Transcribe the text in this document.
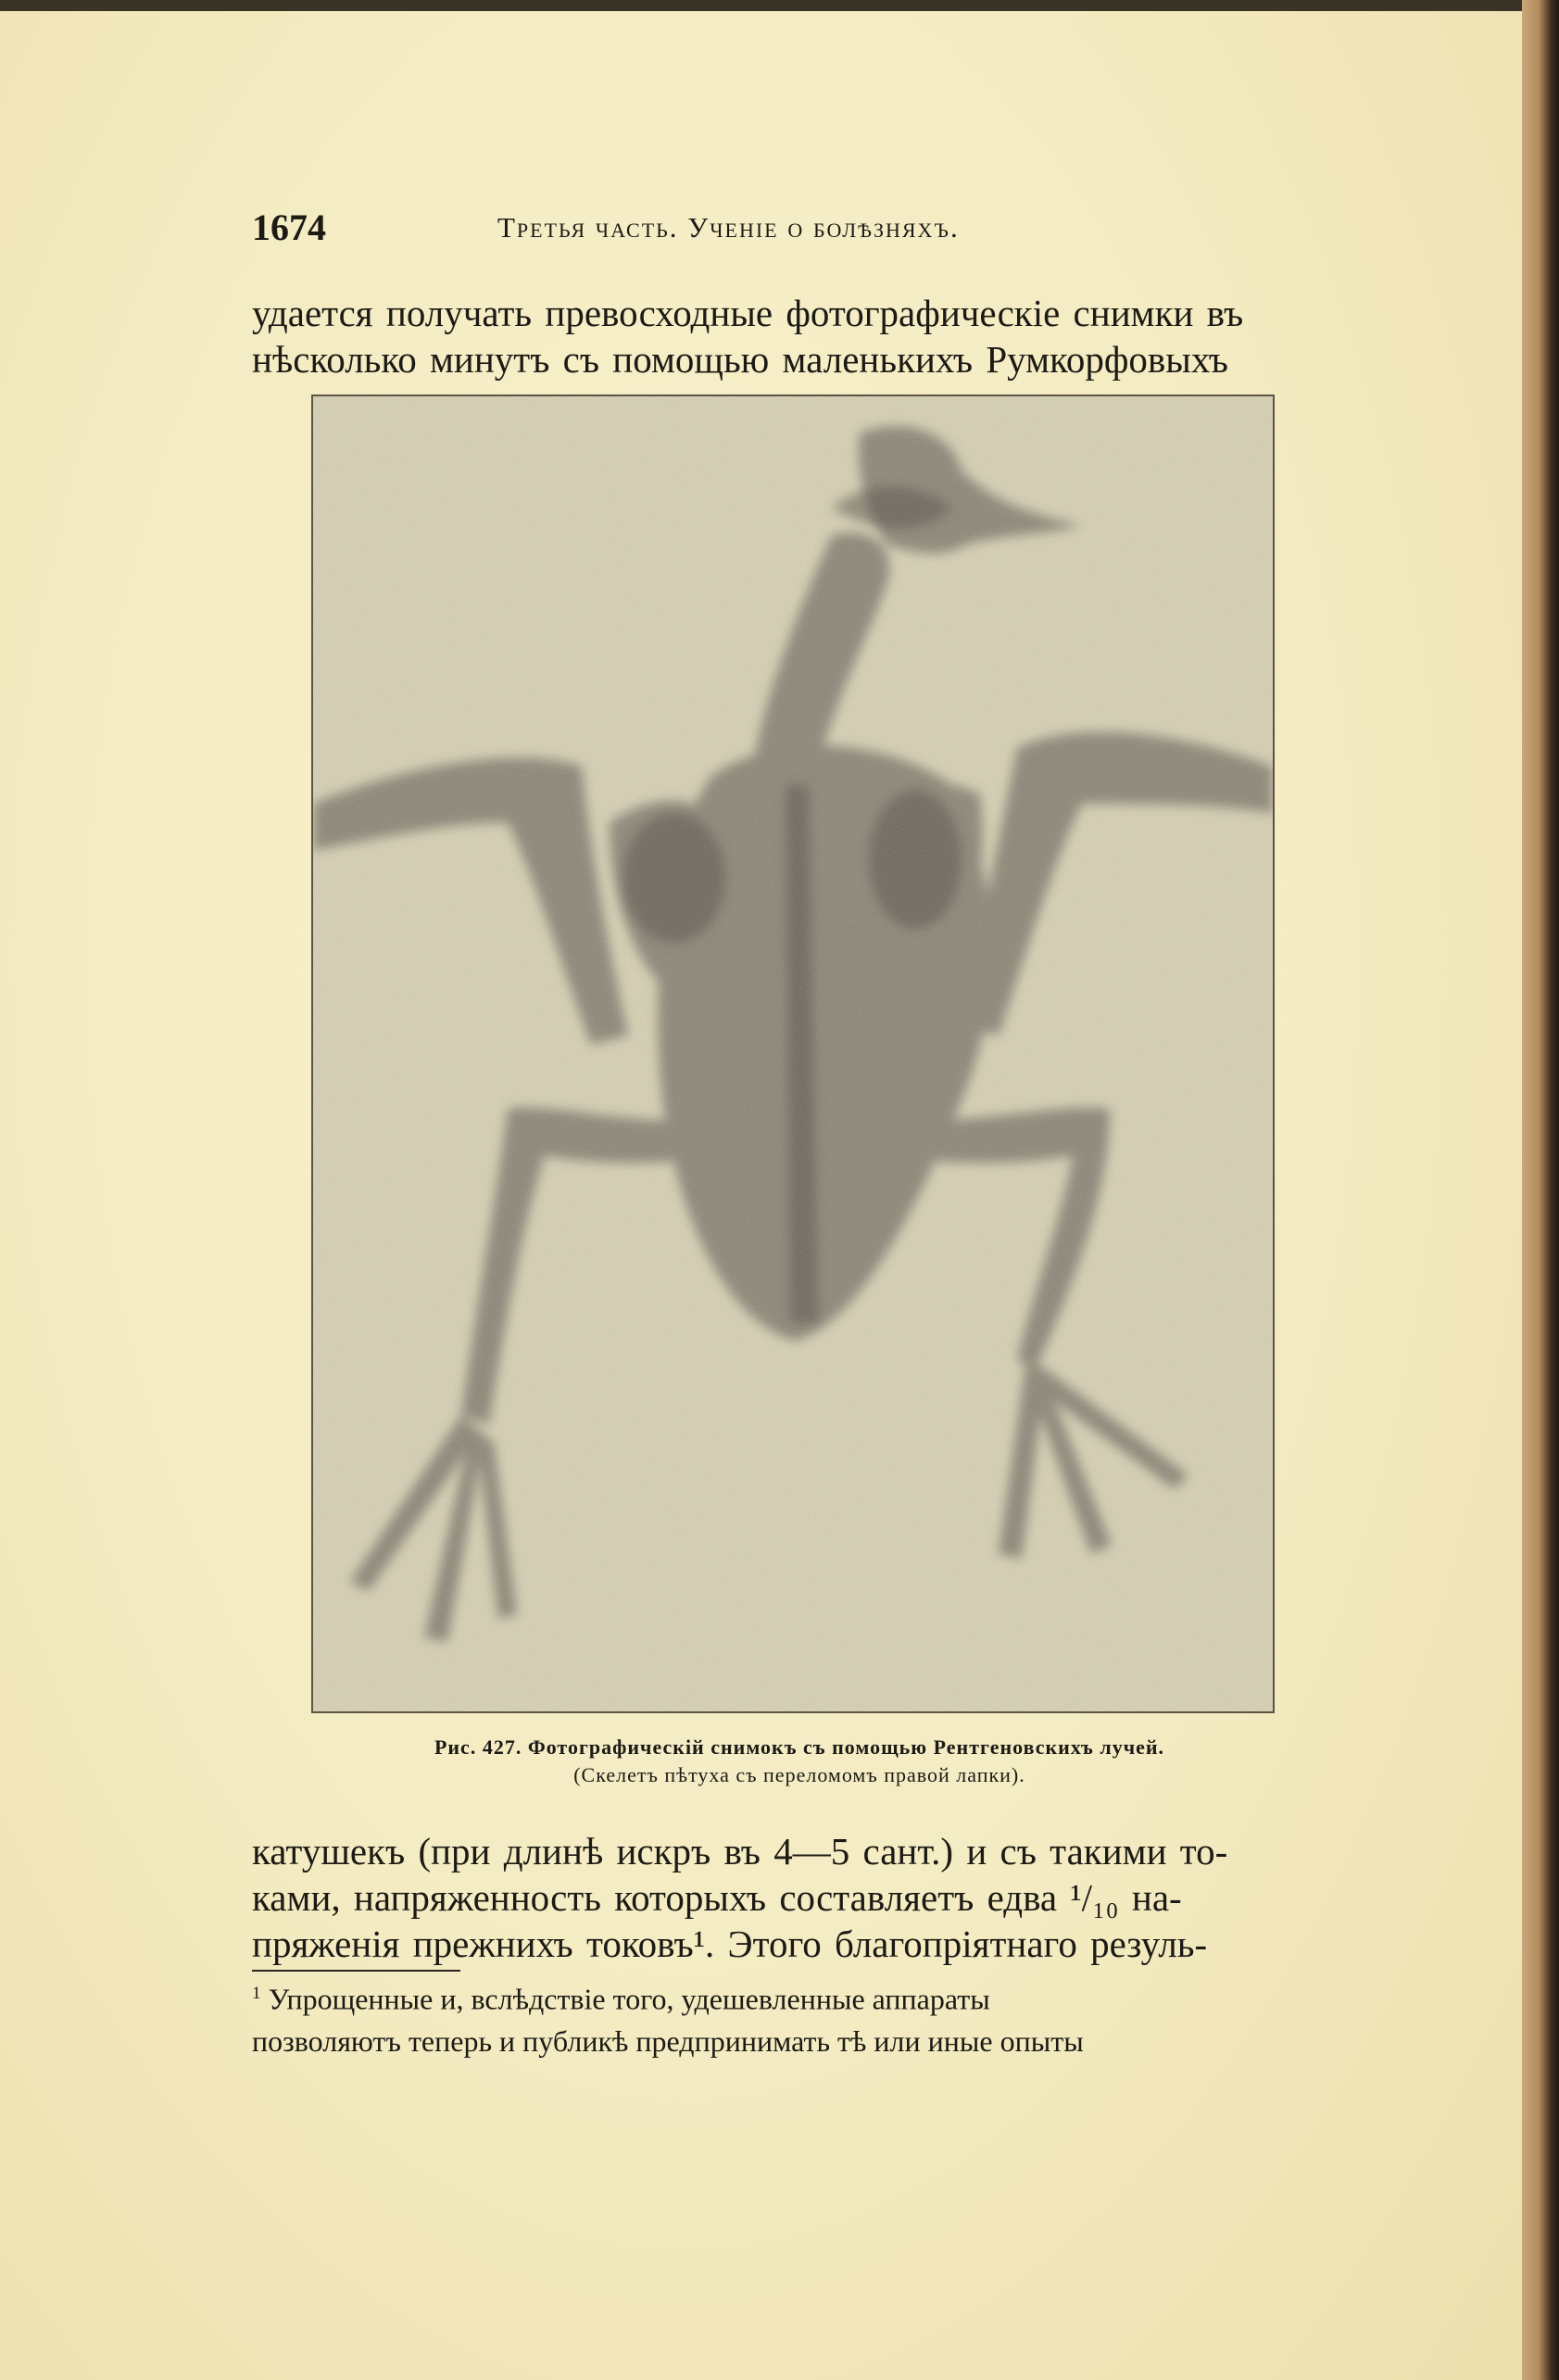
1674	Третья часть. Ученіе о болѣзняхъ.
удается получать превосходные фотографическіе снимки въ
нѣсколько минутъ съ помощью маленькихъ Румкорфовыхъ
Рис. 427. Фотографическій снимокъ съ помощью Рентгеновскихъ лучей.
(Скелетъ пѣтуха съ переломомъ правой лапки).
катушекъ (при длинѣ искръ въ 4—5 сант.) и съ такими то-
ками, напряженность которыхъ составляетъ едва ¹/₁₀ на-
пряженія прежнихъ токовъ¹. Этого благопріятнаго резуль-
$^1$ Упрощенные и, вслѣдствіе того, удешевленные аппараты
позволяютъ теперь и публикѣ предпринимать тѣ или иные опыты
